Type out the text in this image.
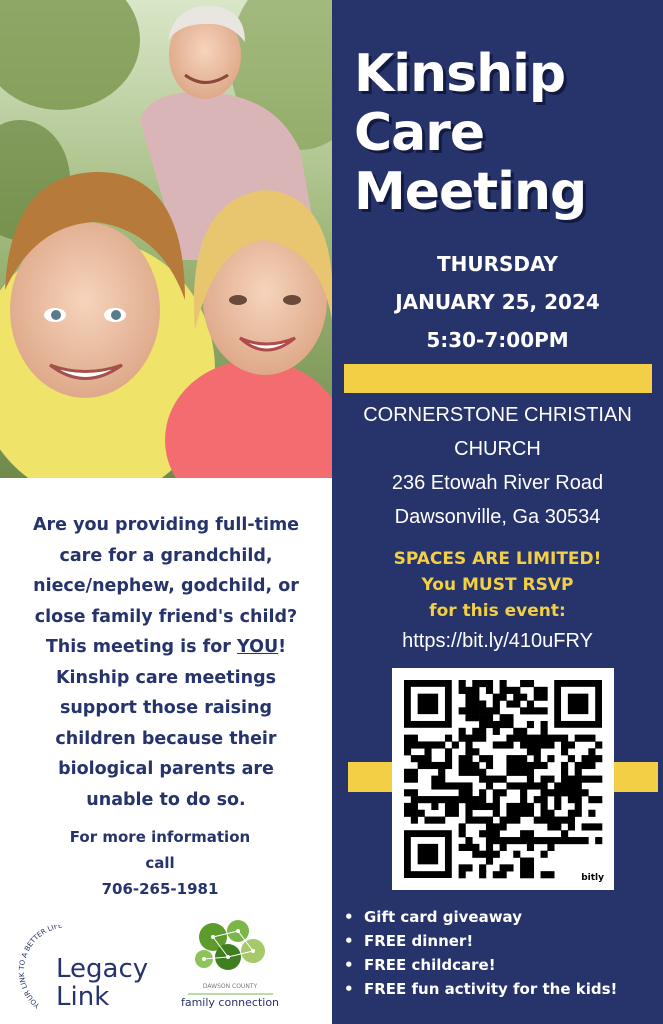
Are you providing full-time
care for a grandchild,
niece/nephew, godchild, or
close family friend's child?
This meeting is for YOU!
Kinship care meetings
support those raising
children because their
biological parents are
unable to do so.
For more information
call
706-265-1981
YOUR LINK TO A BETTER LIFE
Legacy
Link	DAWSON COUNTY
family connection
Kinship
Care
Meeting
THURSDAY
JANUARY 25, 2024
5:30-7:00PM
CORNERSTONE CHRISTIAN
CHURCH
236 Etowah River Road
Dawsonville, Ga 30534
SPACES ARE LIMITED!
You MUST RSVP
for this event:
https://bit.ly/410uFRY
• Gift card giveaway
• FREE dinner!
• FREE childcare!
• FREE fun activity for the kids!
bitly
